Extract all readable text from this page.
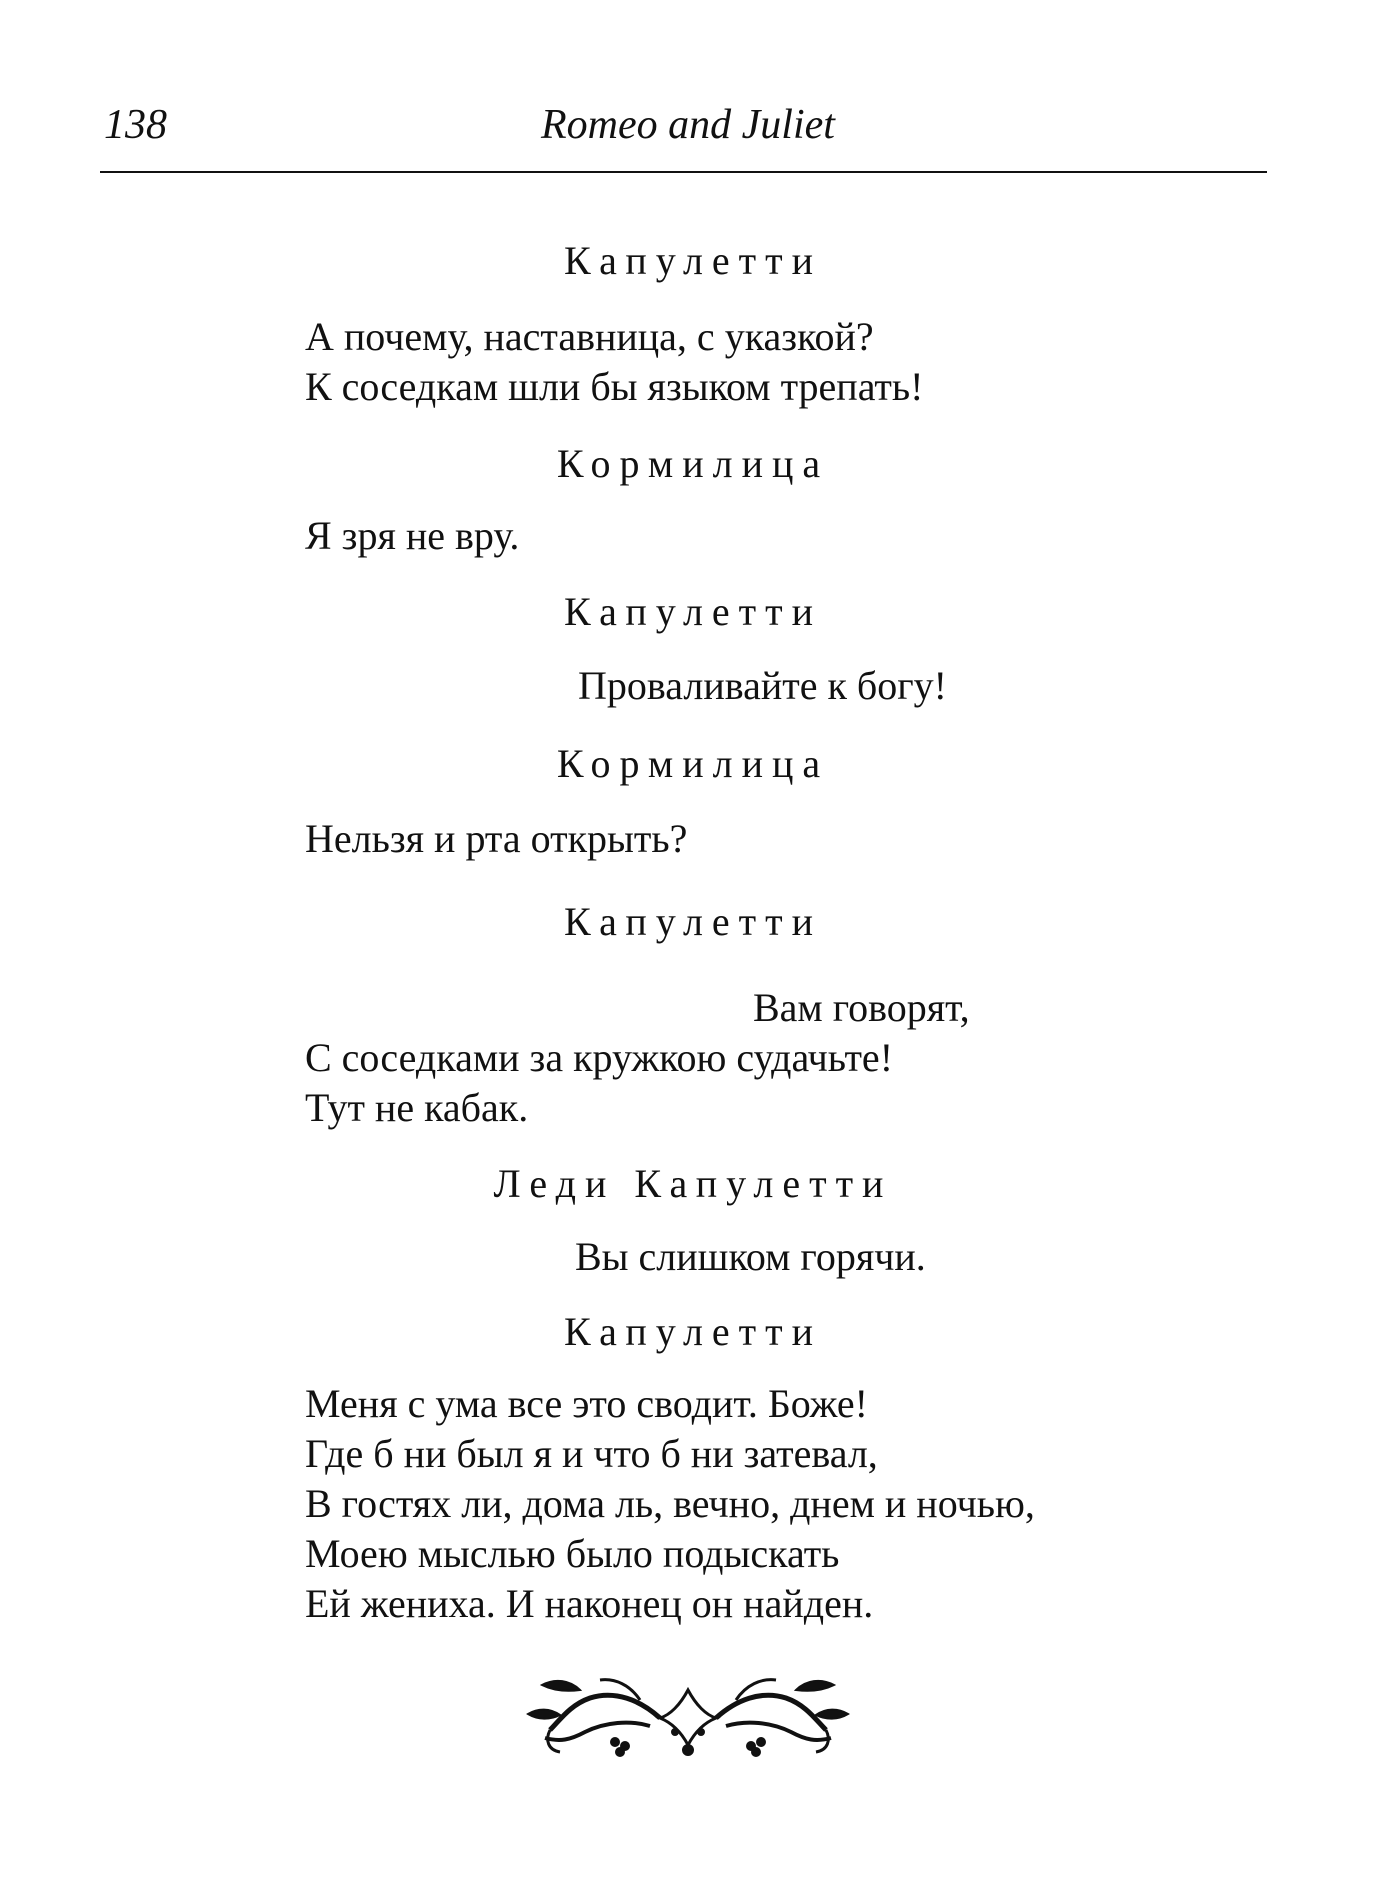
138	Romeo and Juliet
Капулетти
А почему, наставница, с указкой?
К соседкам шли бы языком трепать!
Кормилица
Я зря не вру.
Капулетти
Проваливайте к богу!
Кормилица
Нельзя и рта открыть?
Капулетти
Вам говорят,
С соседками за кружкою судачьте!
Тут не кабак.
Леди Капулетти
Вы слишком горячи.
Капулетти
Меня с ума все это сводит. Боже!
Где б ни был я и что б ни затевал,
В гостях ли, дома ль, вечно, днем и ночью,
Моею мыслью было подыскать
Ей жениха. И наконец он найден.
